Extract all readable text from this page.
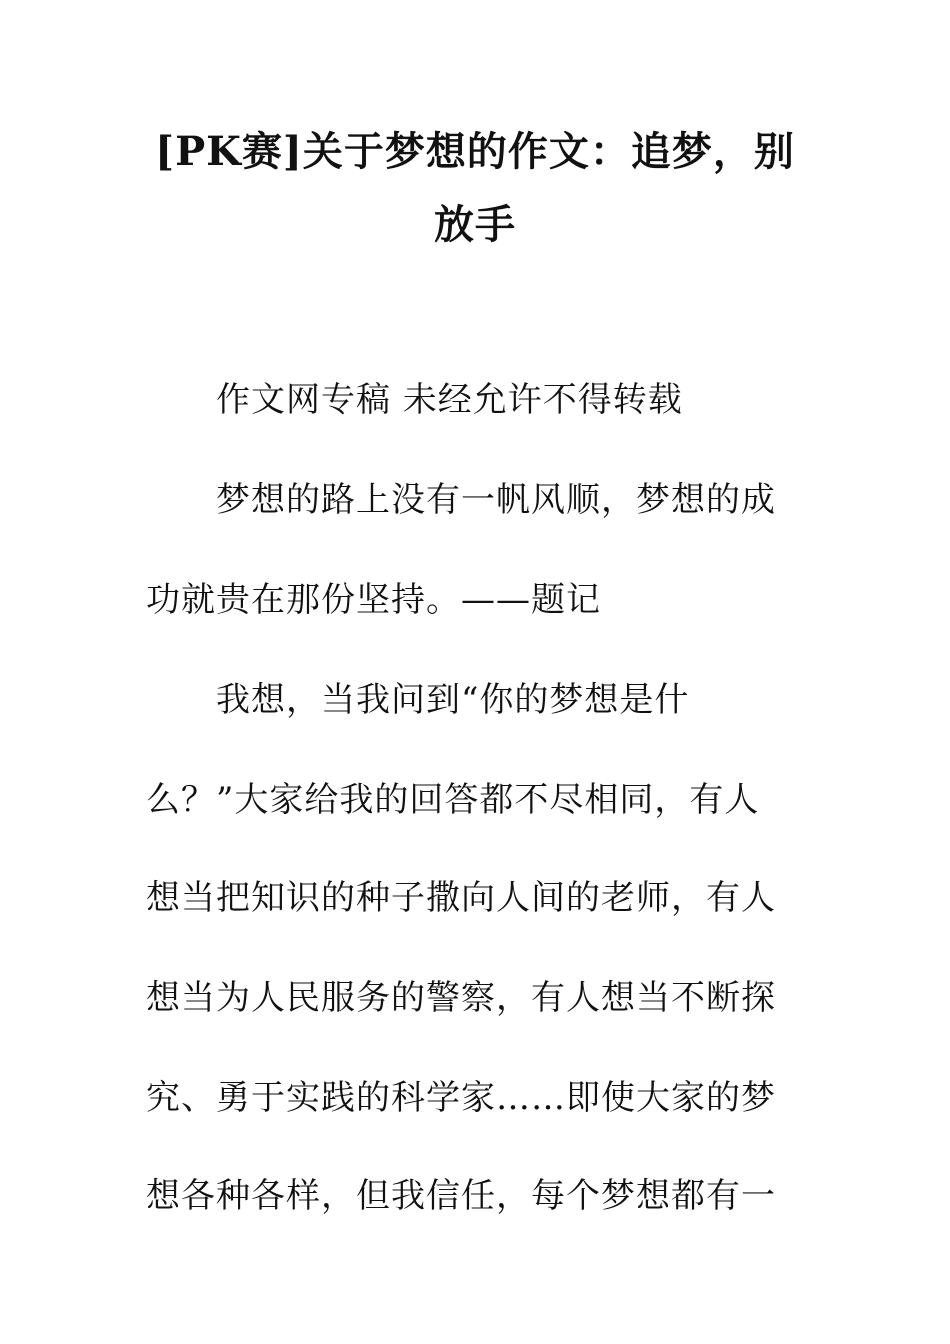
[PK赛]关于梦想的作文：追梦，别
放手
作文网专稿 未经允许不得转载
梦想的路上没有一帆风顺，梦想的成
功就贵在那份坚持。——题记
我想，当我问到“你的梦想是什
么？”大家给我的回答都不尽相同，有人
想当把知识的种子撒向人间的老师，有人
想当为人民服务的警察，有人想当不断探
究、勇于实践的科学家……即使大家的梦
想各种各样，但我信任，每个梦想都有一
